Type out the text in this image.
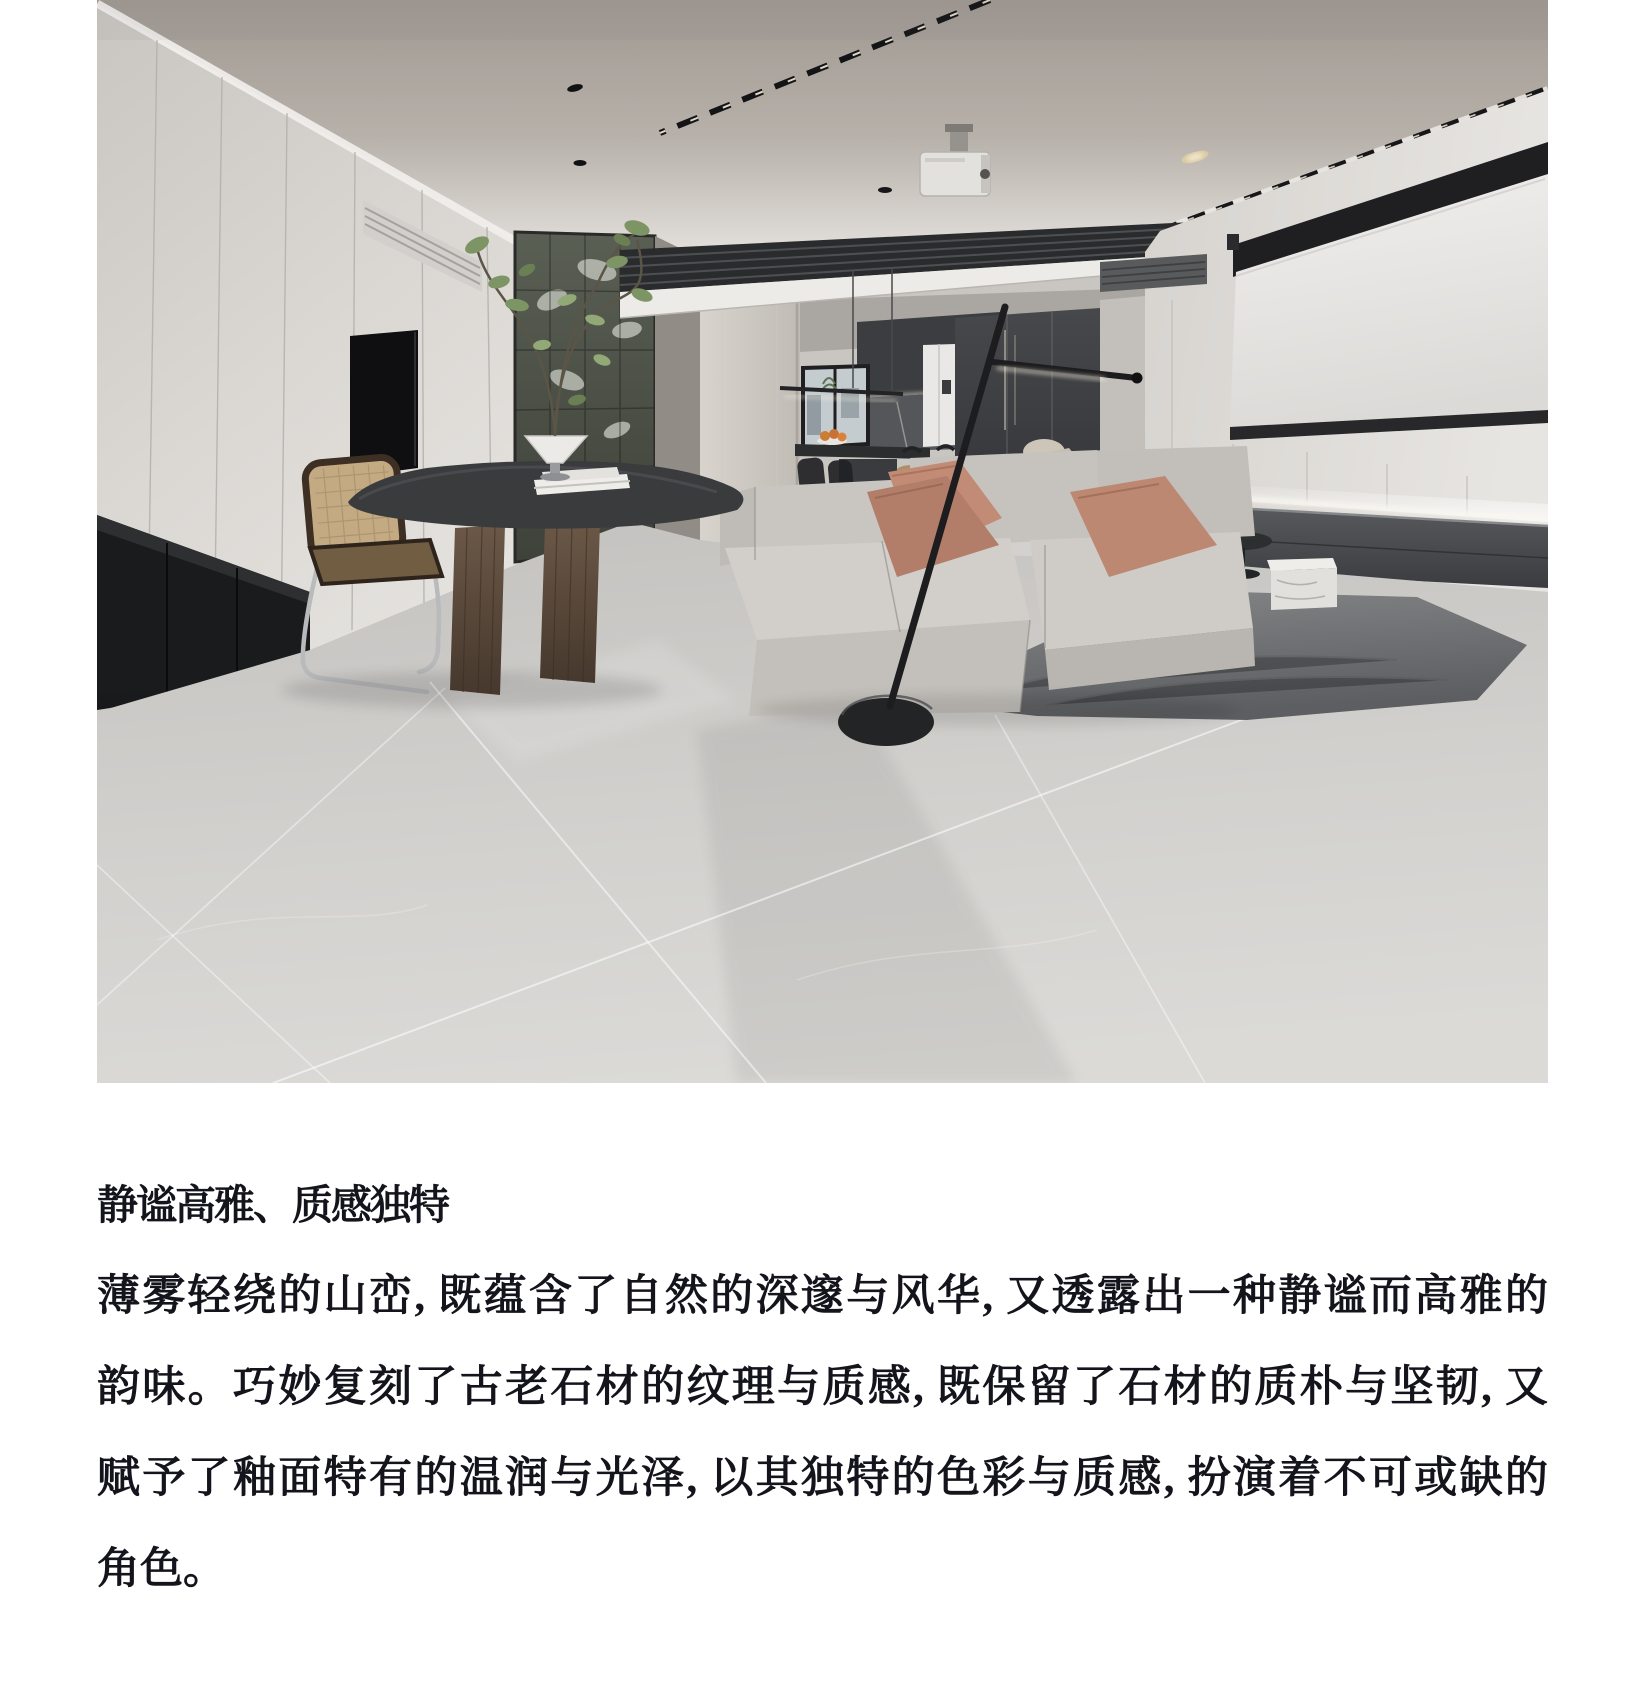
静谧高雅、质感独特

薄雾轻绕的山峦, 既蕴含了自然的深邃与风华, 又透露出一种静谧而高雅的

韵味。巧妙复刻了古老石材的纹理与质感, 既保留了石材的质朴与坚韧, 又

赋予了釉面特有的温润与光泽, 以其独特的色彩与质感, 扮演着不可或缺的

角色。
